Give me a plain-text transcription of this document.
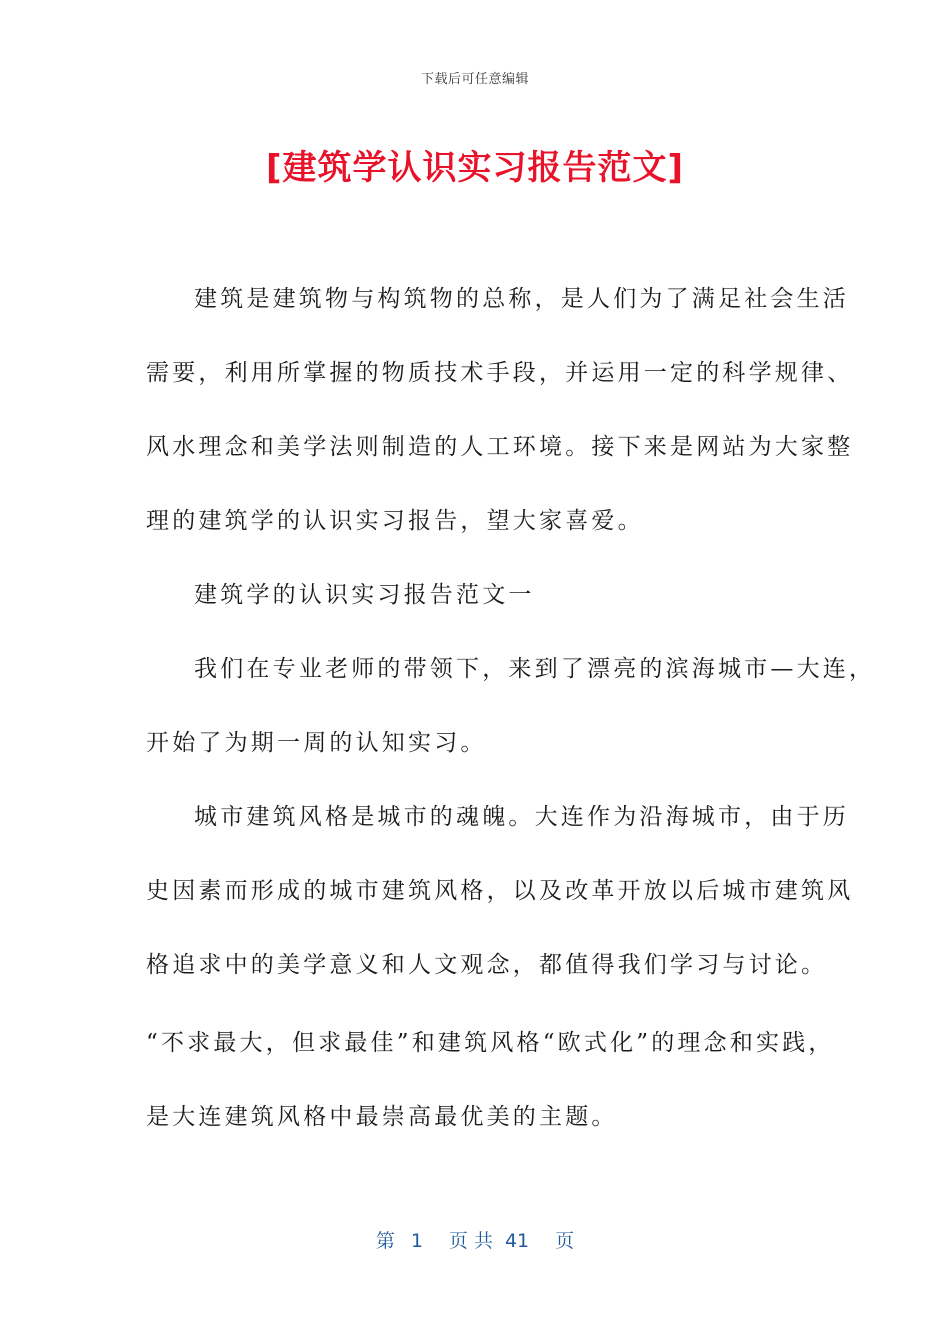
下载后可任意编辑
[建筑学认识实习报告范文]
建筑是建筑物与构筑物的总称，是人们为了满足社会生活
需要，利用所掌握的物质技术手段，并运用一定的科学规律、
风水理念和美学法则制造的人工环境。接下来是网站为大家整
理的建筑学的认识实习报告，望大家喜爱。
建筑学的认识实习报告范文一
我们在专业老师的带领下，来到了漂亮的滨海城市—大连，
开始了为期一周的认知实习。
城市建筑风格是城市的魂魄。大连作为沿海城市，由于历
史因素而形成的城市建筑风格，以及改革开放以后城市建筑风
格追求中的美学意义和人文观念，都值得我们学习与讨论。
“不求最大，但求最佳”和建筑风格“欧式化”的理念和实践，
是大连建筑风格中最崇高最优美的主题。
第 1 页 共 41 页
